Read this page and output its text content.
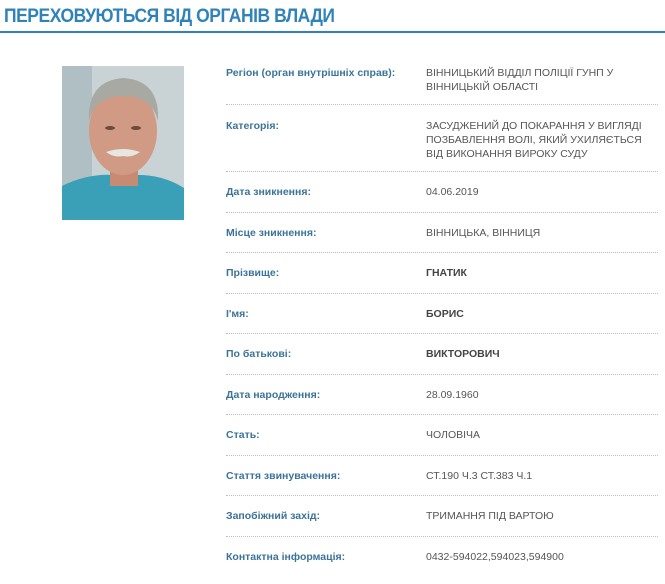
ПЕРЕХОВУЮТЬСЯ ВІД ОРГАНІВ ВЛАДИ
Регіон (орган внутрішніх справ):	ВІННИЦЬКИЙ ВІДДІЛ ПОЛІЦІЇ ГУНП У ВІННИЦЬКІЙ ОБЛАСТІ
Категорія:	ЗАСУДЖЕНИЙ ДО ПОКАРАННЯ У ВИГЛЯДІ ПОЗБАВЛЕННЯ ВОЛІ, ЯКИЙ УХИЛЯЄТЬСЯ ВІД ВИКОНАННЯ ВИРОКУ СУДУ
Дата зникнення:	04.06.2019
Місце зникнення:	ВІННИЦЬКА, ВІННИЦЯ
Прізвище:	ГНАТИК
І'мя:	БОРИС
По батькові:	ВИКТОРОВИЧ
Дата народження:	28.09.1960
Стать:	ЧОЛОВІЧА
Стаття звинувачення:	СТ.190 Ч.3 СТ.383 Ч.1
Запобіжний захід:	ТРИМАННЯ ПІД ВАРТОЮ
Контактна інформація:	0432-594022,594023,594900
